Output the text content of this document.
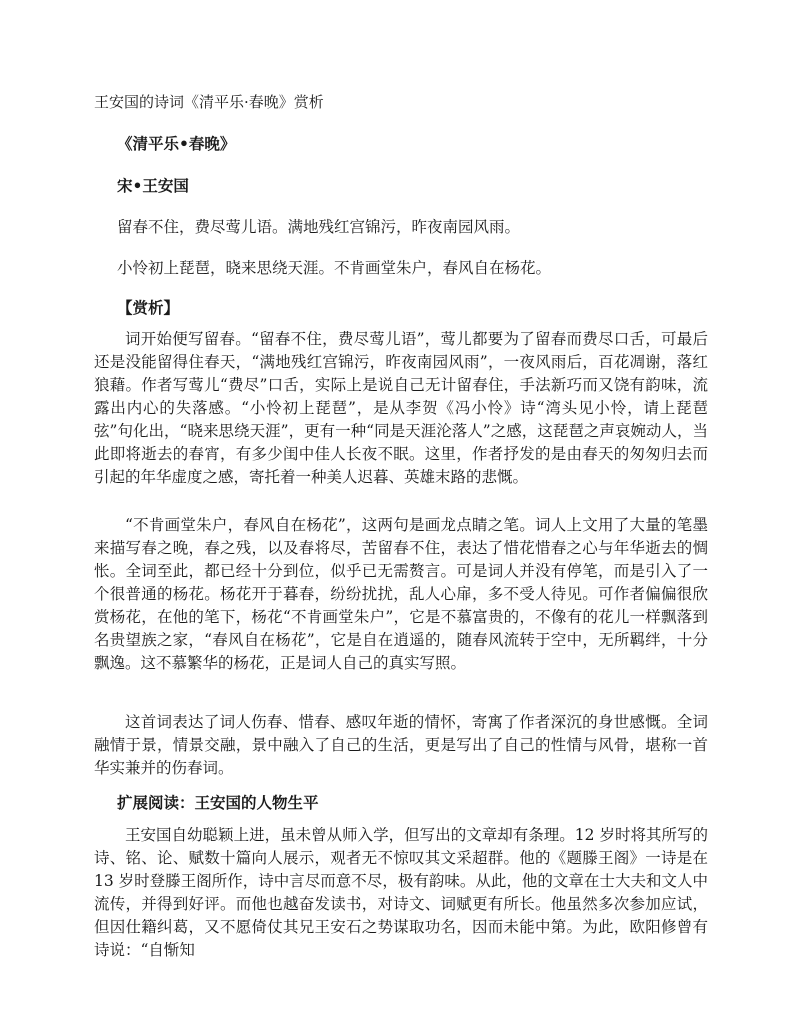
王安国的诗词《清平乐·春晚》赏析

《清平乐•春晚》

宋•王安国

留春不住，费尽莺儿语。满地残红宫锦污，昨夜南园风雨。

小怜初上琵琶，晓来思绕天涯。不肯画堂朱户，春风自在杨花。

【赏析】

词开始便写留春。“留春不住，费尽莺儿语”，莺儿都要为了留春而费尽口舌，可最后还是没能留得住春天，“满地残红宫锦污，昨夜南园风雨”，一夜风雨后，百花凋谢，落红狼藉。作者写莺儿“费尽”口舌，实际上是说自己无计留春住，手法新巧而又饶有韵味，流露出内心的失落感。“小怜初上琵琶”，是从李贺《冯小怜》诗“湾头见小怜，请上琵琶弦”句化出，“晓来思绕天涯”，更有一种“同是天涯沦落人”之感，这琵琶之声哀婉动人，当此即将逝去的春宵，有多少闺中佳人长夜不眠。这里，作者抒发的是由春天的匆匆归去而引起的年华虚度之感，寄托着一种美人迟暮、英雄末路的悲慨。

“不肯画堂朱户，春风自在杨花”，这两句是画龙点睛之笔。词人上文用了大量的笔墨来描写春之晚，春之残，以及春将尽，苦留春不住，表达了惜花惜春之心与年华逝去的惆怅。全词至此，都已经十分到位，似乎已无需赘言。可是词人并没有停笔，而是引入了一个很普通的杨花。杨花开于暮春，纷纷扰扰，乱人心扉，多不受人待见。可作者偏偏很欣赏杨花，在他的笔下，杨花“不肯画堂朱户”，它是不慕富贵的，不像有的花儿一样飘落到名贵望族之家，“春风自在杨花”，它是自在逍遥的，随春风流转于空中，无所羁绊，十分飘逸。这不慕繁华的杨花，正是词人自己的真实写照。

这首词表达了词人伤春、惜春、感叹年逝的情怀，寄寓了作者深沉的身世感慨。全词融情于景，情景交融，景中融入了自己的生活，更是写出了自己的性情与风骨，堪称一首华实兼并的伤春词。

扩展阅读：王安国的人物生平

王安国自幼聪颖上进，虽未曾从师入学，但写出的文章却有条理。12 岁时将其所写的诗、铭、论、赋数十篇向人展示，观者无不惊叹其文采超群。他的《题滕王阁》一诗是在 13 岁时登滕王阁所作，诗中言尽而意不尽，极有韵味。从此，他的文章在士大夫和文人中流传，并得到好评。而他也越奋发读书，对诗文、词赋更有所长。他虽然多次参加应试，但因仕籍纠葛，又不愿倚仗其兄王安石之势谋取功名，因而未能中第。为此，欧阳修曾有诗说：“自惭知
